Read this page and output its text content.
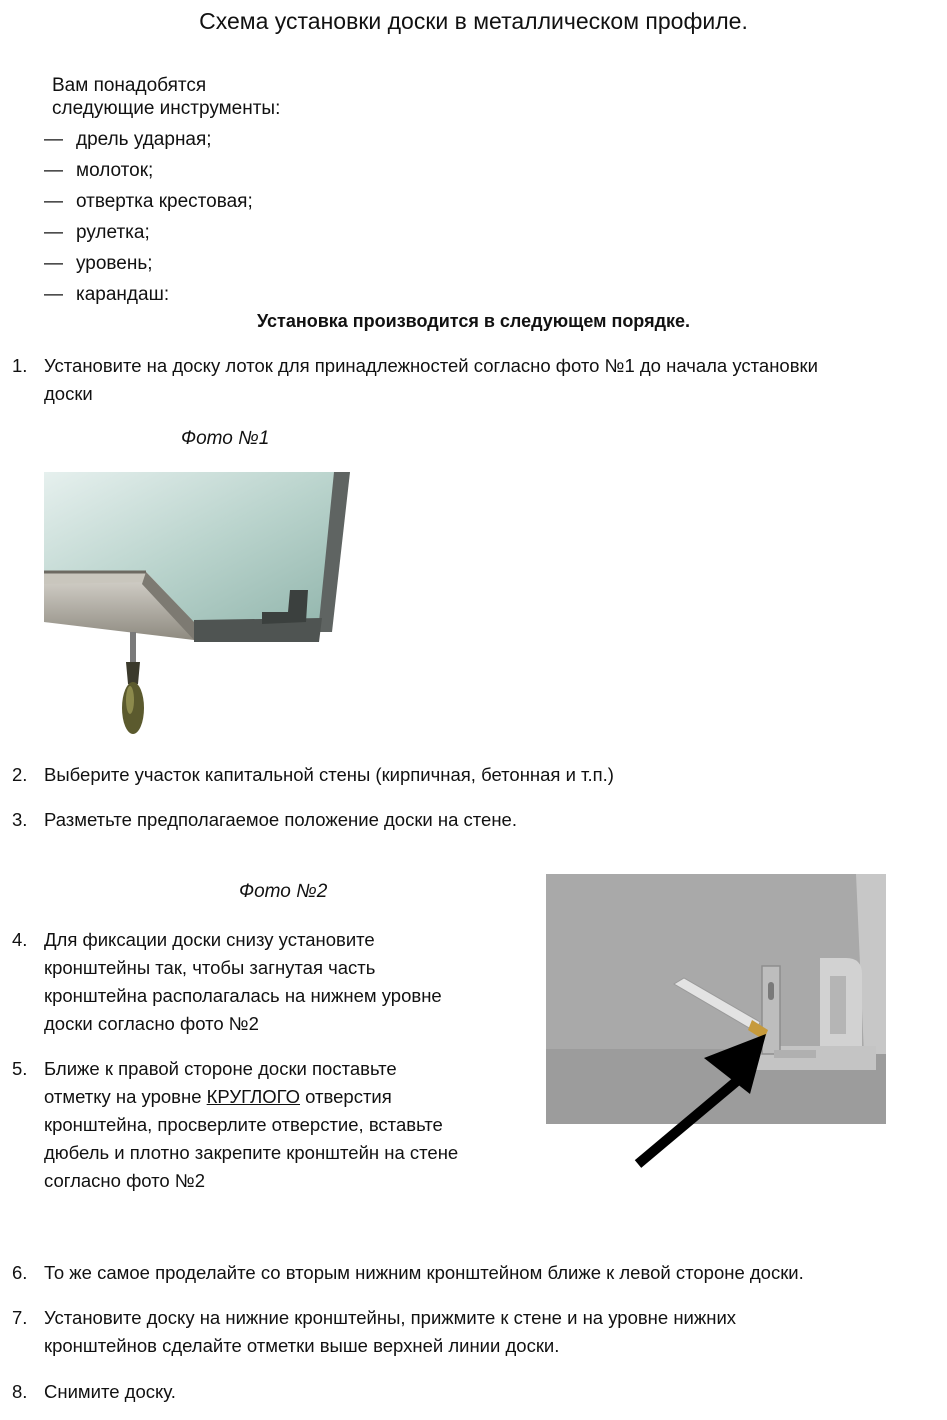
Схема установки доски в металлическом профиле.
Вам понадобятся
следующие инструменты:
— дрель ударная;
— молоток;
— отвертка крестовая;
— рулетка;
— уровень;
— карандаш:
Установка производится в следующем порядке.
1. Установите на доску лоток для принадлежностей согласно фото №1 до начала установки
доски
Фото №1
2. Выберите участок капитальной стены (кирпичная, бетонная и т.п.)
3. Разметьте предполагаемое положение доски на стене.
Фото №2
4. Для фиксации доски снизу установите
кронштейны так, чтобы загнутая часть
кронштейна располагалась на нижнем уровне
доски согласно фото №2
5. Ближе к правой стороне доски поставьте
отметку на уровне КРУГЛОГО отверстия
кронштейна, просверлите отверстие, вставьте
дюбель и плотно закрепите кронштейн на стене
согласно фото №2
6. То же самое проделайте со вторым нижним кронштейном ближе к левой стороне доски.
7. Установите доску на нижние кронштейны, прижмите к стене и на уровне нижних
кронштейнов сделайте отметки выше верхней линии доски.
8. Снимите доску.
